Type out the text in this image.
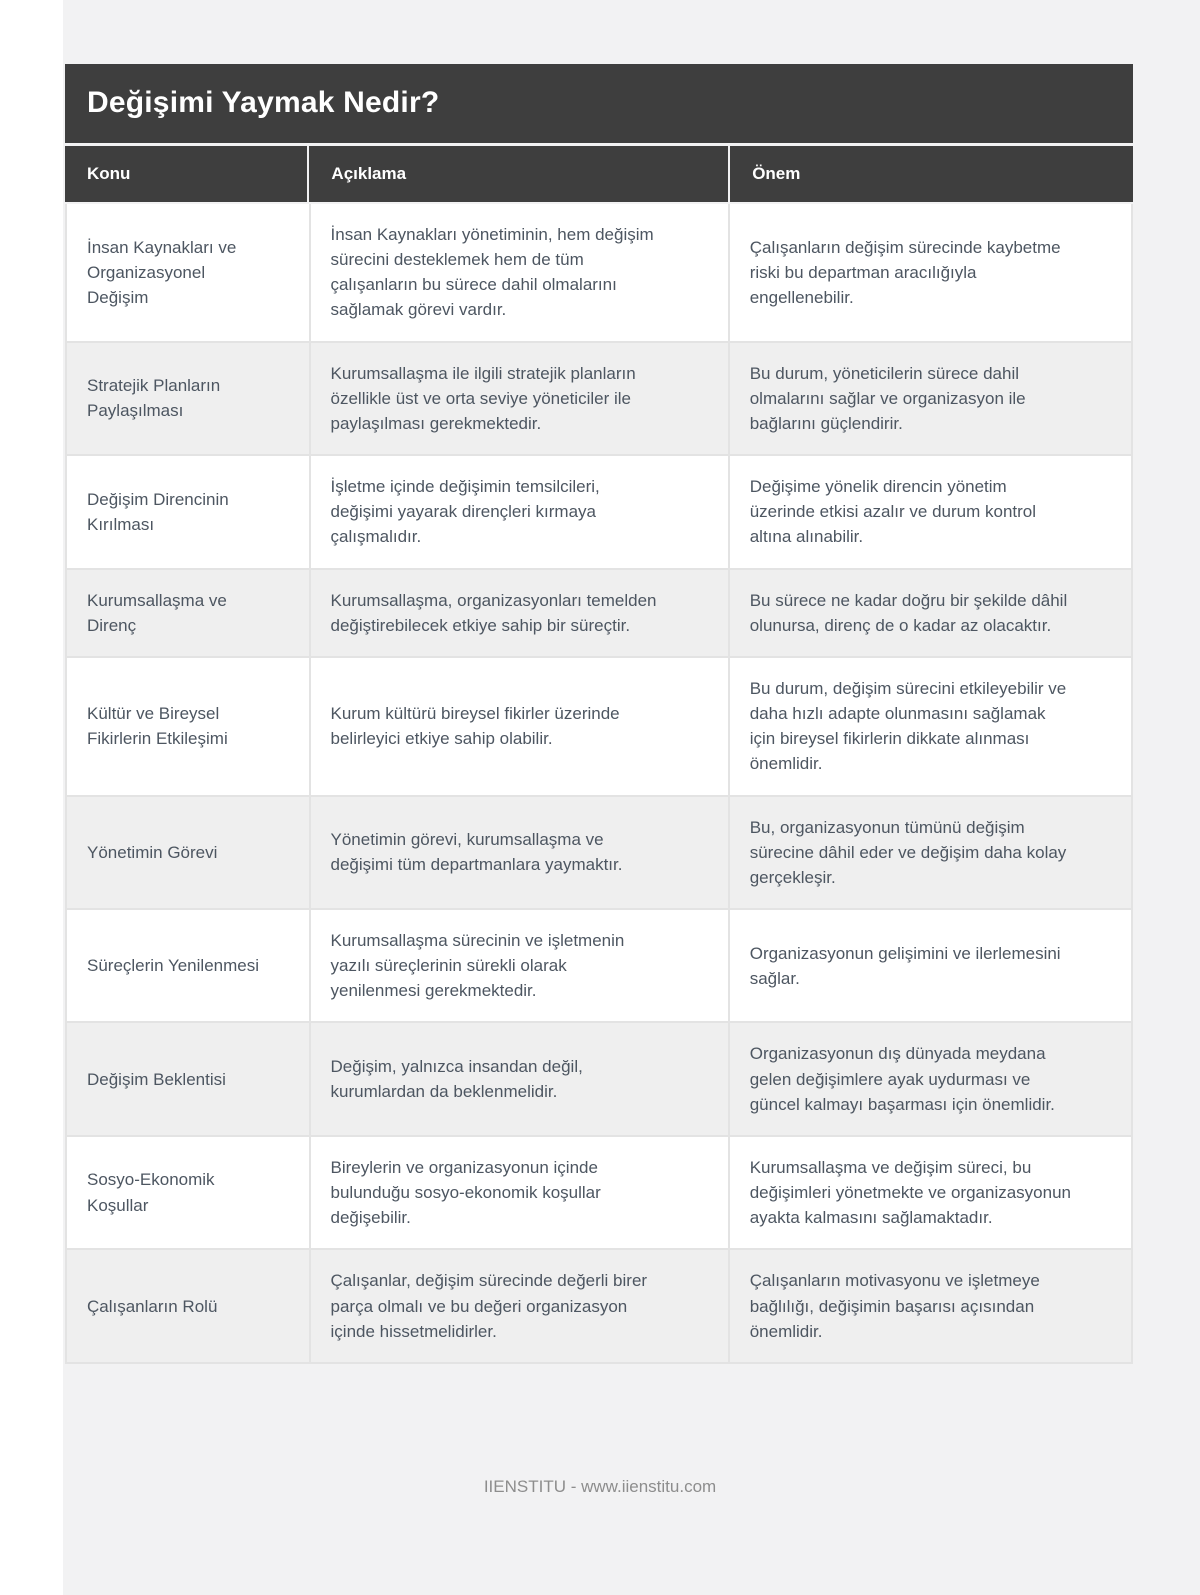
Değişimi Yaymak Nedir?
Konu	Açıklama	Önem
İnsan Kaynakları ve Organizasyonel Değişim
İnsan Kaynakları yönetiminin, hem değişim sürecini desteklemek hem de tüm çalışanların bu sürece dahil olmalarını sağlamak görevi vardır.
Çalışanların değişim sürecinde kaybetme riski bu departman aracılığıyla engellenebilir.
Stratejik Planların Paylaşılması
Kurumsallaşma ile ilgili stratejik planların özellikle üst ve orta seviye yöneticiler ile paylaşılması gerekmektedir.
Bu durum, yöneticilerin sürece dahil olmalarını sağlar ve organizasyon ile bağlarını güçlendirir.
Değişim Direncinin Kırılması
İşletme içinde değişimin temsilcileri, değişimi yayarak dirençleri kırmaya çalışmalıdır.
Değişime yönelik direncin yönetim üzerinde etkisi azalır ve durum kontrol altına alınabilir.
Kurumsallaşma ve Direnç
Kurumsallaşma, organizasyonları temelden değiştirebilecek etkiye sahip bir süreçtir.
Bu sürece ne kadar doğru bir şekilde dâhil olunursa, direnç de o kadar az olacaktır.
Kültür ve Bireysel Fikirlerin Etkileşimi
Kurum kültürü bireysel fikirler üzerinde belirleyici etkiye sahip olabilir.
Bu durum, değişim sürecini etkileyebilir ve daha hızlı adapte olunmasını sağlamak için bireysel fikirlerin dikkate alınması önemlidir.
Yönetimin Görevi
Yönetimin görevi, kurumsallaşma ve değişimi tüm departmanlara yaymaktır.
Bu, organizasyonun tümünü değişim sürecine dâhil eder ve değişim daha kolay gerçekleşir.
Süreçlerin Yenilenmesi
Kurumsallaşma sürecinin ve işletmenin yazılı süreçlerinin sürekli olarak yenilenmesi gerekmektedir.
Organizasyonun gelişimini ve ilerlemesini sağlar.
Değişim Beklentisi
Değişim, yalnızca insandan değil, kurumlardan da beklenmelidir.
Organizasyonun dış dünyada meydana gelen değişimlere ayak uydurması ve güncel kalmayı başarması için önemlidir.
Sosyo-Ekonomik Koşullar
Bireylerin ve organizasyonun içinde bulunduğu sosyo-ekonomik koşullar değişebilir.
Kurumsallaşma ve değişim süreci, bu değişimleri yönetmekte ve organizasyonun ayakta kalmasını sağlamaktadır.
Çalışanların Rolü
Çalışanlar, değişim sürecinde değerli birer parça olmalı ve bu değeri organizasyon içinde hissetmelidirler.
Çalışanların motivasyonu ve işletmeye bağlılığı, değişimin başarısı açısından önemlidir.
IIENSTITU - www.iienstitu.com
